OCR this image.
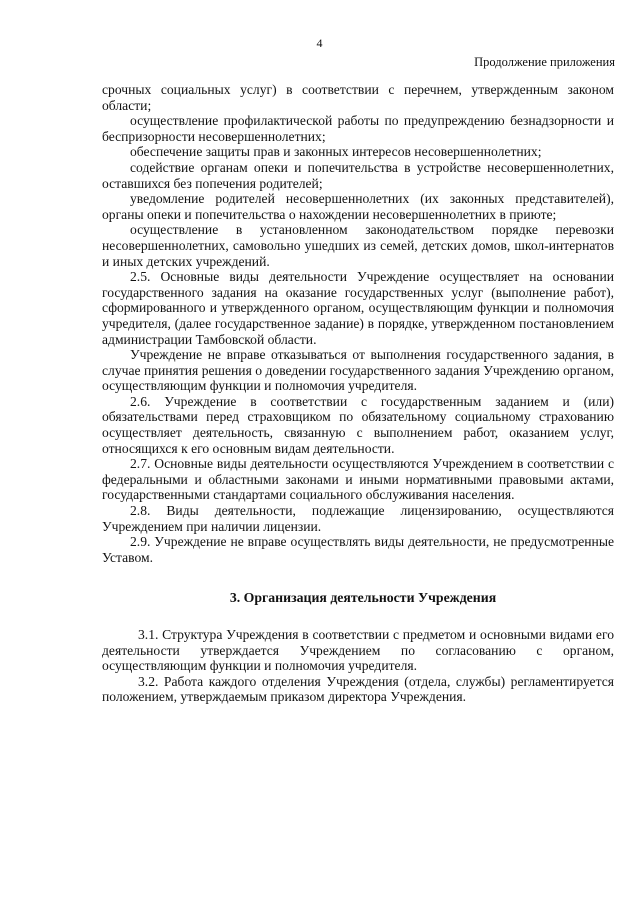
4
Продолжение приложения

срочных социальных услуг) в соответствии с перечнем, утвержденным законом области;

осуществление профилактической работы по предупреждению безнадзорности и беспризорности несовершеннолетних;

обеспечение защиты прав и законных интересов несовершеннолетних;

содействие органам опеки и попечительства в устройстве несовершеннолетних, оставшихся без попечения родителей;

уведомление родителей несовершеннолетних (их законных представителей), органы опеки и попечительства о нахождении несовершеннолетних в приюте;

осуществление в установленном законодательством порядке перевозки несовершеннолетних, самовольно ушедших из семей, детских домов, школ-интернатов и иных детских учреждений.

2.5. Основные виды деятельности Учреждение осуществляет на основании государственного задания на оказание государственных услуг (выполнение работ), сформированного и утвержденного органом, осуществляющим функции и полномочия учредителя, (далее государственное задание) в порядке, утвержденном постановлением администрации Тамбовской области.

Учреждение не вправе отказываться от выполнения государственного задания, в случае принятия решения о доведении государственного задания Учреждению органом, осуществляющим функции и полномочия учредителя.

2.6. Учреждение в соответствии с государственным заданием и (или) обязательствами перед страховщиком по обязательному социальному страхованию осуществляет деятельность, связанную с выполнением работ, оказанием услуг, относящихся к его основным видам деятельности.

2.7. Основные виды деятельности осуществляются Учреждением в соответствии с федеральными и областными законами и иными нормативными правовыми актами, государственными стандартами социального обслуживания населения.

2.8. Виды деятельности, подлежащие лицензированию, осуществляются Учреждением при наличии лицензии.

2.9. Учреждение не вправе осуществлять виды деятельности, не предусмотренные Уставом.

3. Организация деятельности Учреждения

3.1. Структура Учреждения в соответствии с предметом и основными видами его деятельности утверждается Учреждением по согласованию с органом, осуществляющим функции и полномочия учредителя.

3.2. Работа каждого отделения Учреждения (отдела, службы) регламентируется положением, утверждаемым приказом директора Учреждения.
